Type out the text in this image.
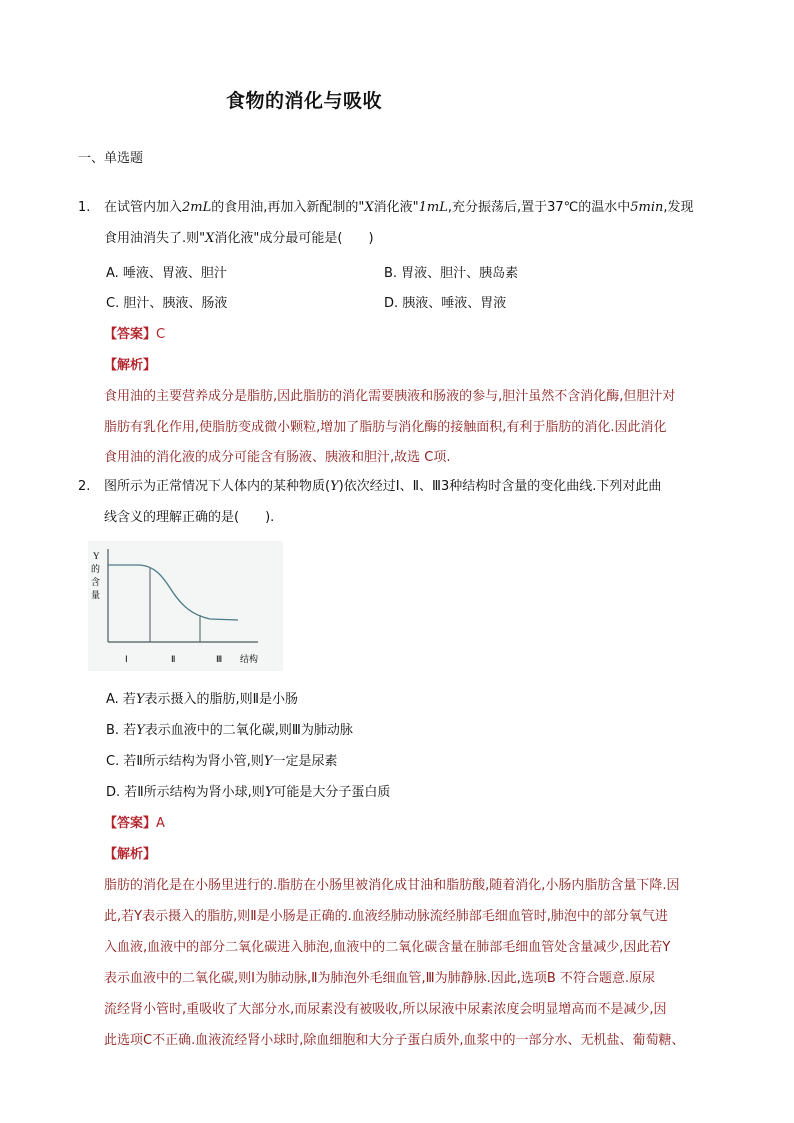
食物的消化与吸收
一、单选题
1. 在试管内加入2mL的食用油,再加入新配制的"X消化液"1mL,充分振荡后,置于37℃的温水中5min,发现
食用油消失了.则"X消化液"成分最可能是(　　)
A. 唾液、胃液、胆汁	B. 胃液、胆汁、胰岛素
C. 胆汁、胰液、肠液	D. 胰液、唾液、胃液
【答案】C
【解析】
食用油的主要营养成分是脂肪,因此脂肪的消化需要胰液和肠液的参与,胆汁虽然不含消化酶,但胆汁对
脂肪有乳化作用,使脂肪变成微小颗粒,增加了脂肪与消化酶的接触面积,有利于脂肪的消化.因此消化
食用油的消化液的成分可能含有肠液、胰液和胆汁,故选 C项.
2. 图所示为正常情况下人体内的某种物质(Y)依次经过Ⅰ、Ⅱ、Ⅲ3种结构时含量的变化曲线.下列对此曲
线含义的理解正确的是(　　).
Y
的
含
量
Ⅰ	Ⅱ	Ⅲ 结构
A. 若Y表示摄入的脂肪,则Ⅱ是小肠
B. 若Y表示血液中的二氧化碳,则Ⅲ为肺动脉
C. 若Ⅱ所示结构为肾小管,则Y一定是尿素
D. 若Ⅱ所示结构为肾小球,则Y可能是大分子蛋白质
【答案】A
【解析】
脂肪的消化是在小肠里进行的.脂肪在小肠里被消化成甘油和脂肪酸,随着消化,小肠内脂肪含量下降.因
此,若Y表示摄入的脂肪,则Ⅱ是小肠是正确的.血液经肺动脉流经肺部毛细血管时,肺泡中的部分氧气进
入血液,血液中的部分二氧化碳进入肺泡,血液中的二氧化碳含量在肺部毛细血管处含量减少,因此若Y
表示血液中的二氧化碳,则Ⅰ为肺动脉,Ⅱ为肺泡外毛细血管,Ⅲ为肺静脉.因此,选项B 不符合题意.原尿
流经肾小管时,重吸收了大部分水,而尿素没有被吸收,所以尿液中尿素浓度会明显增高而不是减少,因
此选项C不正确.血液流经肾小球时,除血细胞和大分子蛋白质外,血浆中的一部分水、无机盐、葡萄糖、
